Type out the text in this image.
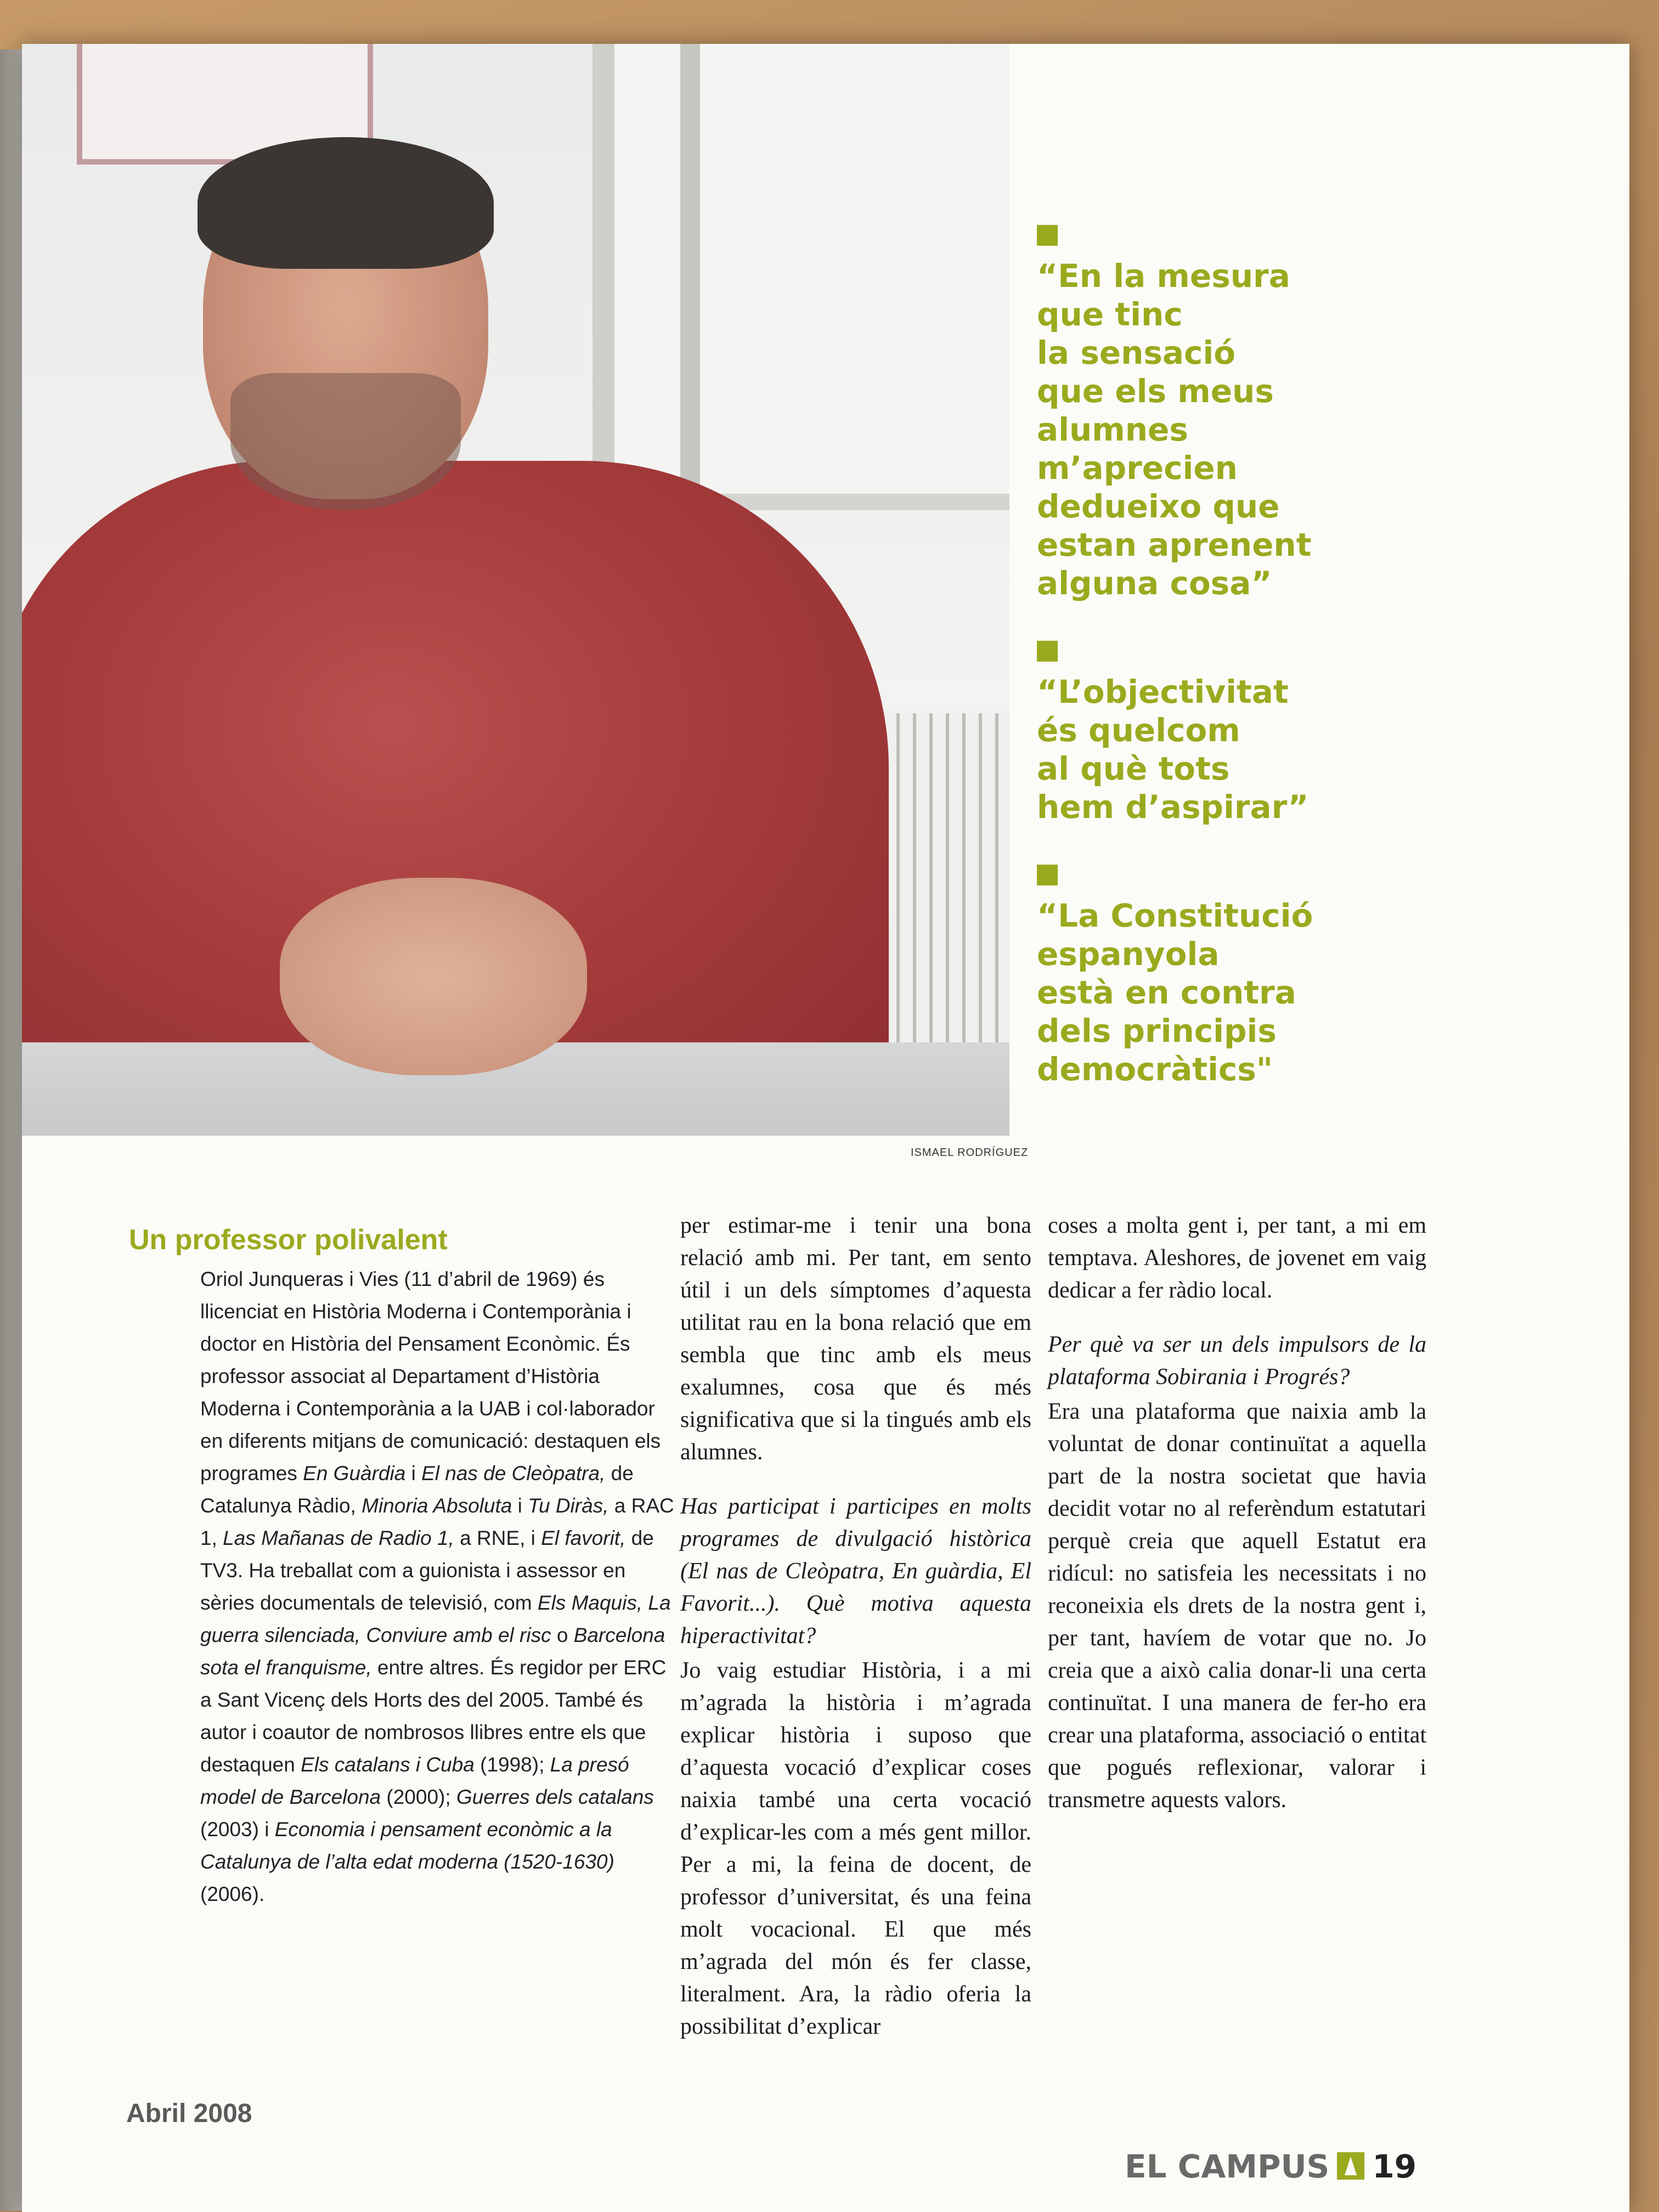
“En la mesura
que tinc
la sensació
que els meus
alumnes
m’aprecien
dedueixo que
estan aprenent
alguna cosa”
“L’objectivitat
és quelcom
al què tots
hem d’aspirar”
“La Constitució
espanyola
està en contra
dels principis
democràtics"
ISMAEL RODRÍGUEZ
Un professor polivalent
Oriol Junqueras i Vies (11 d’abril de 1969) és llicenciat en Història Moderna i Contemporània i doctor en Història del Pensament Econòmic. És professor associat al Departament d’Història Moderna i Contemporània a la UAB i col·laborador en diferents mitjans de comunicació: destaquen els programes En Guàrdia i El nas de Cleòpatra, de Catalunya Ràdio, Minoria Absoluta i Tu Diràs, a RAC 1, Las Mañanas de Radio 1, a RNE, i El favorit, de TV3. Ha treballat com a guionista i assessor en sèries documentals de televisió, com Els Maquis, La guerra silenciada, Conviure amb el risc o Barcelona sota el franquisme, entre altres. És regidor per ERC a Sant Vicenç dels Horts des del 2005. També és autor i coautor de nombrosos llibres entre els que destaquen Els catalans i Cuba (1998); La presó model de Barcelona (2000); Guerres dels catalans (2003) i Economia i pensament econòmic a la Catalunya de l’alta edat moderna (1520-1630) (2006).

per estimar-me i tenir una bona relació amb mi. Per tant, em sento útil i un dels símptomes d’aquesta utilitat rau en la bona relació que em sembla que tinc amb els meus exalumnes, cosa que és més significativa que si la tingués amb els alumnes.

Has participat i participes en molts programes de divulgació històrica (El nas de Cleòpatra, En guàrdia, El Favorit...). Què motiva aquesta hiperactivitat?

Jo vaig estudiar Història, i a mi m’agrada la història i m’agrada explicar història i suposo que d’aquesta vocació d’explicar coses naixia també una certa vocació d’explicar-les com a més gent millor. Per a mi, la feina de docent, de professor d’universitat, és una feina molt vocacional. El que més m’agrada del món és fer classe, literalment. Ara, la ràdio oferia la possibilitat d’explicar

coses a molta gent i, per tant, a mi em temptava. Aleshores, de jovenet em vaig dedicar a fer ràdio local.

Per què va ser un dels impulsors de la plataforma Sobirania i Progrés?

Era una plataforma que naixia amb la voluntat de donar continuïtat a aquella part de la nostra societat que havia decidit votar no al referèndum estatutari perquè creia que aquell Estatut era ridícul: no satisfeia les necessitats i no reconeixia els drets de la nostra gent i, per tant, havíem de votar que no. Jo creia que a això calia donar-li una certa continuïtat. I una manera de fer-ho era crear una plataforma, associació o entitat que pogués reflexionar, valorar i transmetre aquests valors.

Abril 2008
EL CAMPUS 19
